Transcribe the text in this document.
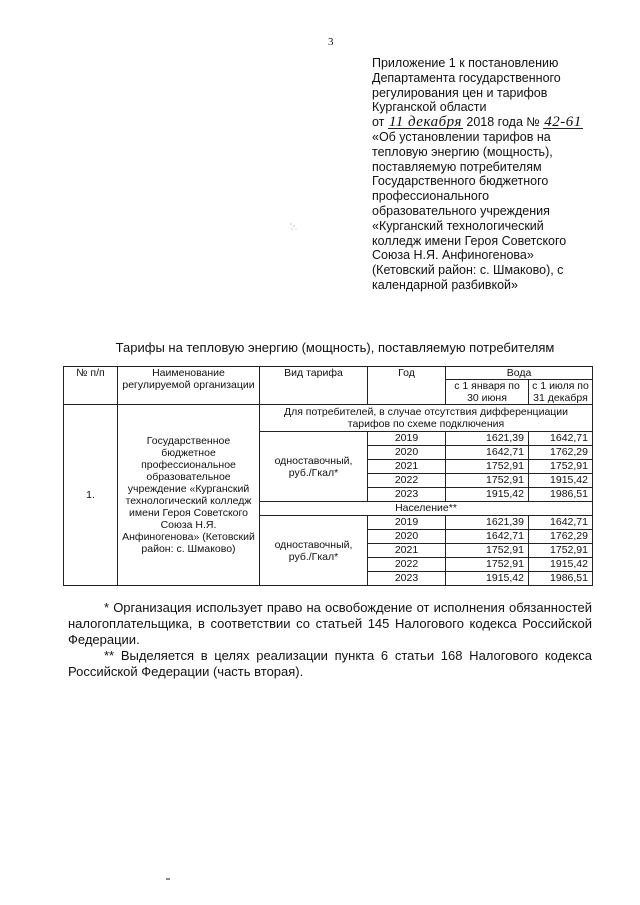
3
Приложение 1 к постановлению
Департамента государственного
регулирования цен и тарифов
Курганской области
от 11 декабря 2018 года № 42-61
«Об установлении тарифов на
тепловую энергию (мощность),
поставляемую потребителям
Государственного бюджетного
профессионального
образовательного учреждения
«Курганский технологический
колледж имени Героя Советского
Союза Н.Я. Анфиногенова»
(Кетовский район: с. Шмаково), с
календарной разбивкой»
Тарифы на тепловую энергию (мощность), поставляемую потребителям
№ п/п	Наименование регулируемой организации	Вид тарифа	Год	Вода	
				с 1 января по 30 июня	с 1 июля по 31 декабря
1.	Государственное бюджетное профессиональное образовательное учреждение «Курганский технологический колледж имени Героя Советского Союза Н.Я. Анфиногенова» (Кетовский район: с. Шмаково)	Для потребителей, в случае отсутствия дифференциации тарифов по схеме подключения			
		одноставочный, руб./Гкал*	2019	1621,39	1642,71
			2020	1642,71	1762,29
			2021	1752,91	1752,91
			2022	1752,91	1915,42
			2023	1915,42	1986,51
		Население**			
		одноставочный, руб./Гкал*	2019	1621,39	1642,71
			2020	1642,71	1762,29
			2021	1752,91	1752,91
			2022	1752,91	1915,42
			2023	1915,42	1986,51

* Организация использует право на освобождение от исполнения обязанностей налогоплательщика, в соответствии со статьей 145 Налогового кодекса Российской Федерации.

** Выделяется в целях реализации пункта 6 статьи 168 Налогового кодекса Российской Федерации (часть вторая).
